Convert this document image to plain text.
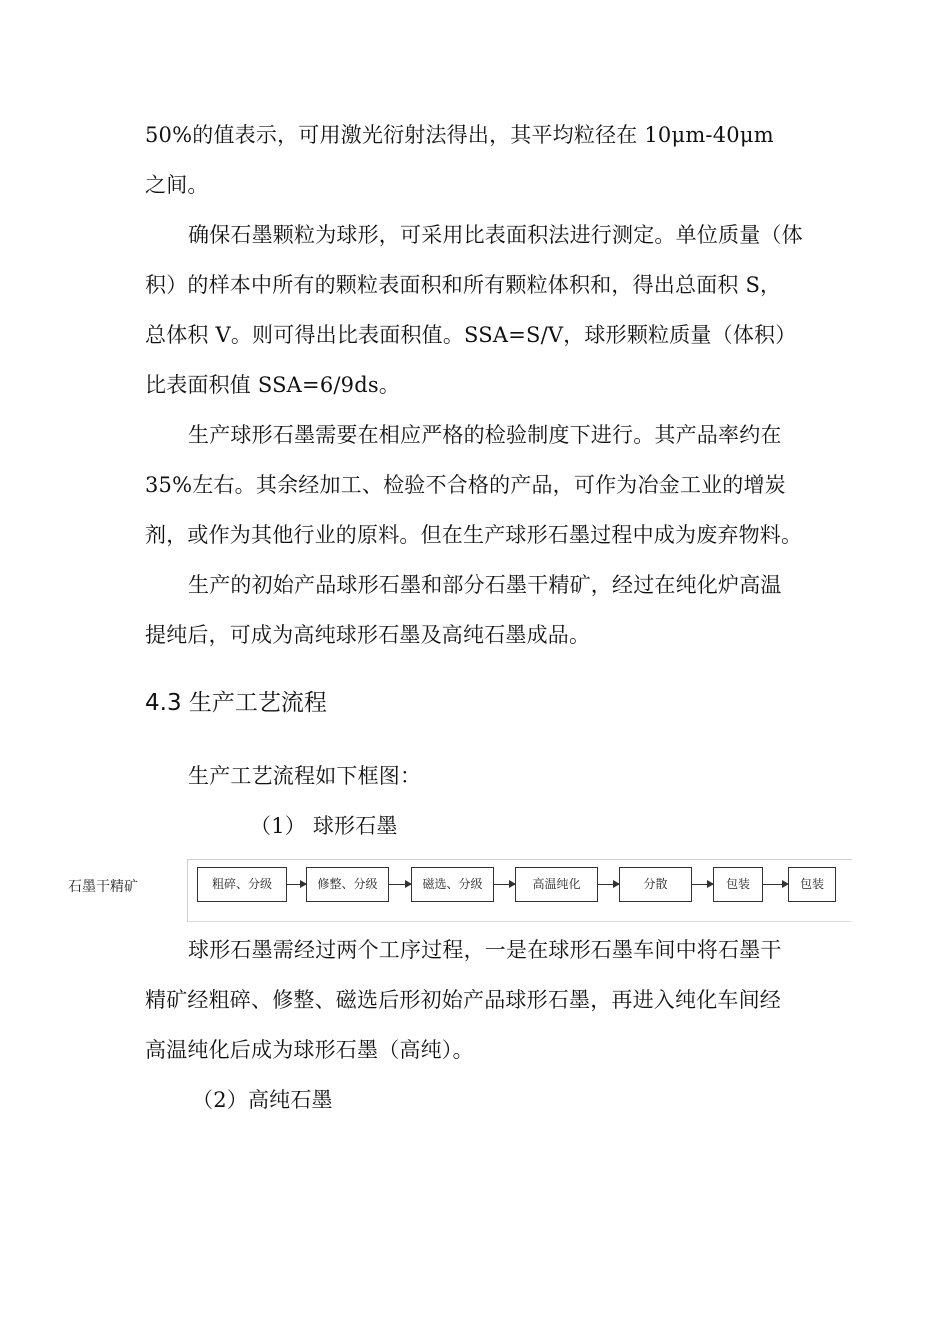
50%的值表示，可用激光衍射法得出，其平均粒径在 10μm-40μm
之间。
确保石墨颗粒为球形，可采用比表面积法进行测定。单位质量（体
积）的样本中所有的颗粒表面积和所有颗粒体积和，得出总面积 S，
总体积 V。则可得出比表面积值。SSA=S/V，球形颗粒质量（体积）
比表面积值 SSA=6/9ds。
生产球形石墨需要在相应严格的检验制度下进行。其产品率约在
35%左右。其余经加工、检验不合格的产品，可作为冶金工业的增炭
剂，或作为其他行业的原料。但在生产球形石墨过程中成为废弃物料。
生产的初始产品球形石墨和部分石墨干精矿，经过在纯化炉高温
提纯后，可成为高纯球形石墨及高纯石墨成品。
4.3 生产工艺流程
生产工艺流程如下框图：
（1） 球形石墨
石墨干精矿	粗碎、分级	修整、分级	磁选、分级	高温纯化	分散	包装	包装
球形石墨需经过两个工序过程，一是在球形石墨车间中将石墨干
精矿经粗碎、修整、磁选后形初始产品球形石墨，再进入纯化车间经
高温纯化后成为球形石墨（高纯）。
（2）高纯石墨
